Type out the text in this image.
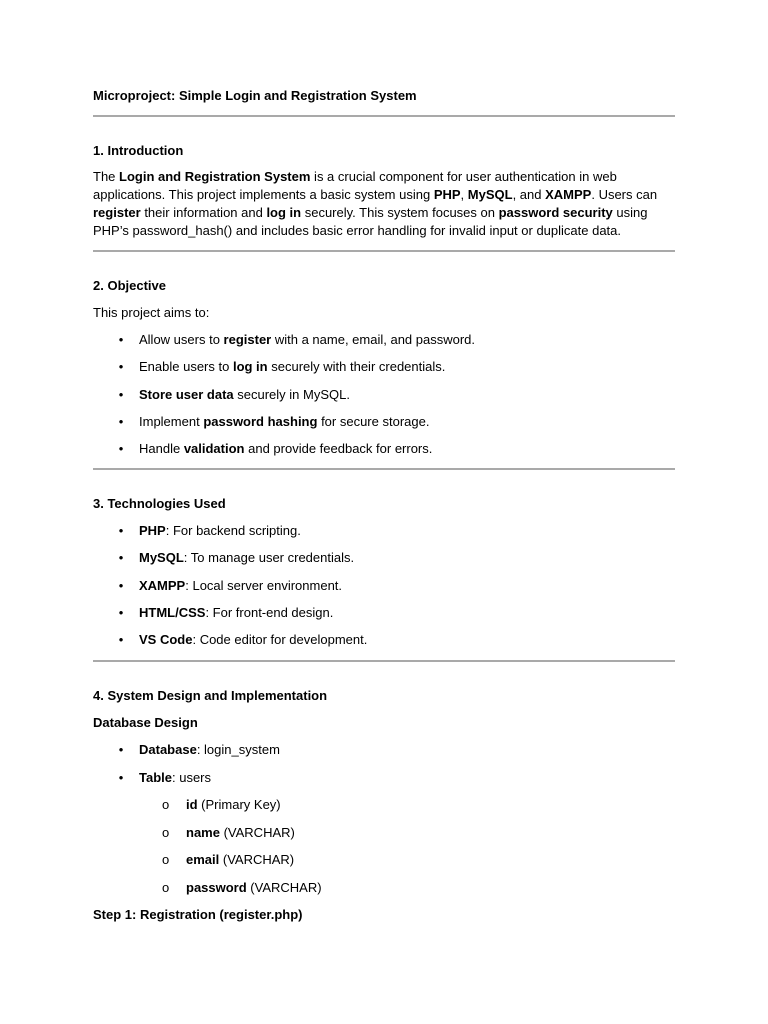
Microproject: Simple Login and Registration System
1. Introduction
The Login and Registration System is a crucial component for user authentication in web applications. This project implements a basic system using PHP, MySQL, and XAMPP. Users can register their information and log in securely. This system focuses on password security using PHP’s password_hash() and includes basic error handling for invalid input or duplicate data.
2. Objective
This project aims to:
• Allow users to register with a name, email, and password.
• Enable users to log in securely with their credentials.
• Store user data securely in MySQL.
• Implement password hashing for secure storage.
• Handle validation and provide feedback for errors.
3. Technologies Used
• PHP: For backend scripting.
• MySQL: To manage user credentials.
• XAMPP: Local server environment.
• HTML/CSS: For front-end design.
• VS Code: Code editor for development.
4. System Design and Implementation
Database Design
• Database: login_system
• Table: users
o id (Primary Key)
o name (VARCHAR)
o email (VARCHAR)
o password (VARCHAR)
Step 1: Registration (register.php)
